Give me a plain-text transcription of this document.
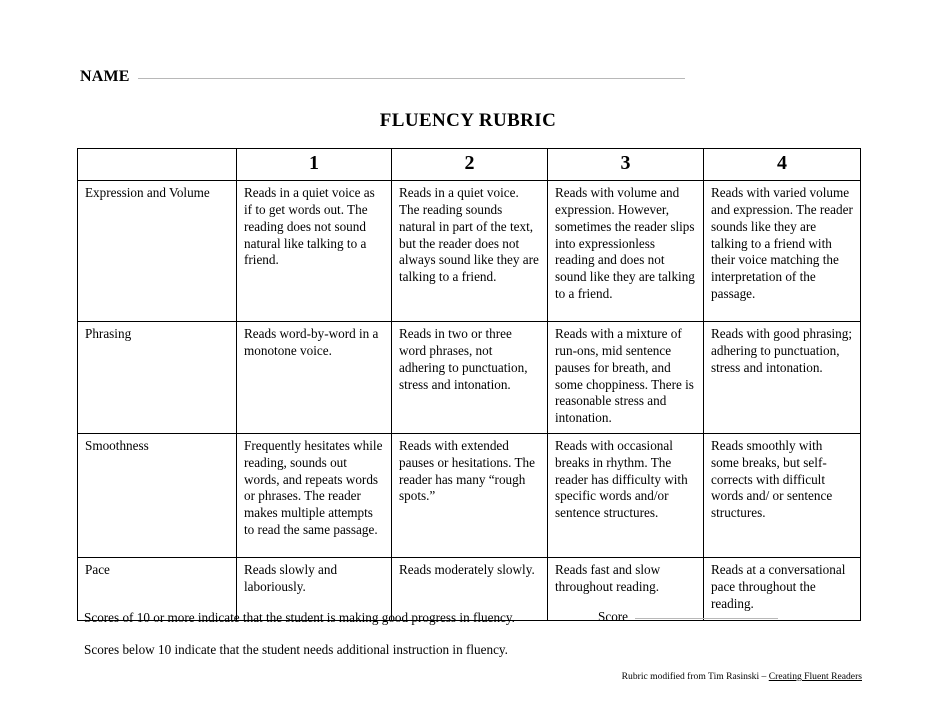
NAME
FLUENCY RUBRIC
	1	2	3	4
Expression and Volume	Reads in a quiet voice as if to get words out. The reading does not sound natural like talking to a friend.	Reads in a quiet voice. The reading sounds natural in part of the text, but the reader does not always sound like they are talking to a friend.	Reads with volume and expression. However, sometimes the reader slips into expressionless reading and does not sound like they are talking to a friend.	Reads with varied volume and expression. The reader sounds like they are talking to a friend with their voice matching the interpretation of the passage.
Phrasing	Reads word-by-word in a monotone voice.	Reads in two or three word phrases, not adhering to punctuation, stress and intonation.	Reads with a mixture of run-ons, mid sentence pauses for breath, and some choppiness. There is reasonable stress and intonation.	Reads with good phrasing; adhering to punctuation, stress and intonation.
Smoothness	Frequently hesitates while reading, sounds out words, and repeats words or phrases. The reader makes multiple attempts to read the same passage.	Reads with extended pauses or hesitations. The reader has many “rough spots.”	Reads with occasional breaks in rhythm. The reader has difficulty with specific words and/or sentence structures.	Reads smoothly with some breaks, but self-corrects with difficult words and/ or sentence structures.
Pace	Reads slowly and laboriously.	Reads moderately slowly.	Reads fast and slow throughout reading.	Reads at a conversational pace throughout the reading.
Scores of 10 or more indicate that the student is making good progress in fluency.
Scores below 10 indicate that the student needs additional instruction in fluency.
Score
Rubric modified from Tim Rasinski – Creating Fluent Readers
